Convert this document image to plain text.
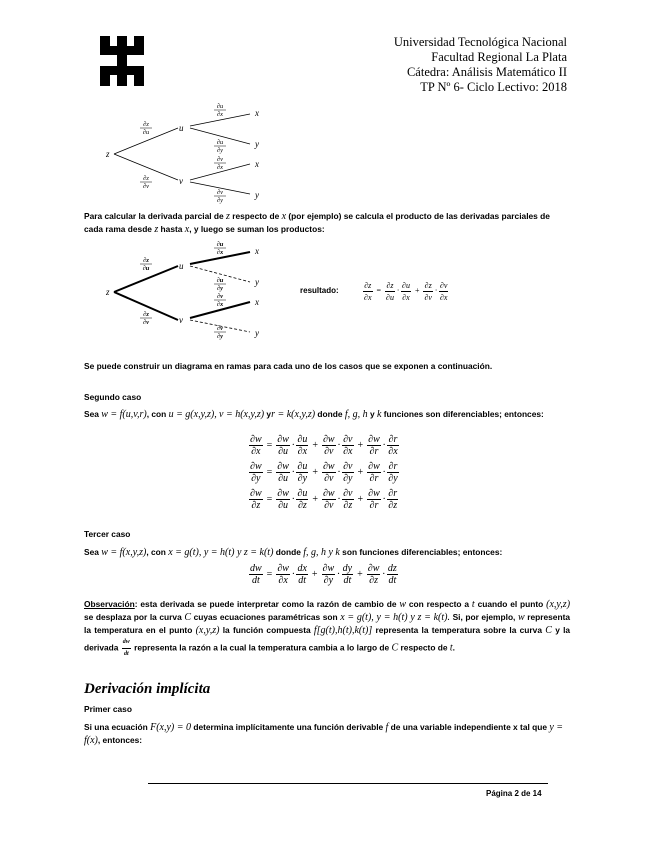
Universidad Tecnológica Nacional
Facultad Regional La Plata
Cátedra: Análisis Matemático II
TP Nº 6- Ciclo Lectivo: 2018
z
u
v
x
y
x
y
∂z
∂u
∂z
∂v
∂u
∂x
∂u
∂y
∂v
∂x
∂v
∂y
Para calcular la derivada parcial de z respecto de x (por ejemplo) se calcula el producto de las derivadas parciales de cada rama desde z hasta x, y luego se suman los productos:
z
u
v
x
y
x
y
∂z
∂u
∂z
∂v
∂u
∂x
∂u
∂y
∂v
∂x
∂v
∂y
resultado:	$\frac{\partial z}{\partial x} = \frac{\partial z}{\partial u} \cdot \frac{\partial u}{\partial x} + \frac{\partial z}{\partial v} \cdot \frac{\partial v}{\partial x}$
Se puede construir un diagrama en ramas para cada uno de los casos que se exponen a continuación.
Segundo caso
Sea w = f(u,v,r), con u = g(x,y,z), v = h(x,y,z) yr = k(x,y,z) donde f, g, h y k funciones son diferenciables; entonces:
$\frac{\partial w}{\partial x} = \frac{\partial w}{\partial u} \cdot \frac{\partial u}{\partial x} + \frac{\partial w}{\partial v} \cdot \frac{\partial v}{\partial x} + \frac{\partial w}{\partial r} \cdot \frac{\partial r}{\partial x}$
$\frac{\partial w}{\partial y} = \frac{\partial w}{\partial u} \cdot \frac{\partial u}{\partial y} + \frac{\partial w}{\partial v} \cdot \frac{\partial v}{\partial y} + \frac{\partial w}{\partial r} \cdot \frac{\partial r}{\partial y}$
$\frac{\partial w}{\partial z} = \frac{\partial w}{\partial u} \cdot \frac{\partial u}{\partial z} + \frac{\partial w}{\partial v} \cdot \frac{\partial v}{\partial z} + \frac{\partial w}{\partial r} \cdot \frac{\partial r}{\partial z}$
Tercer caso
Sea w = f(x,y,z), con x = g(t), y = h(t) y z = k(t) donde f, g, h y k son funciones diferenciables; entonces:
$\frac{dw}{dt} = \frac{\partial w}{\partial x} \cdot \frac{dx}{dt} + \frac{\partial w}{\partial y} \cdot \frac{dy}{dt} + \frac{\partial w}{\partial z} \cdot \frac{dz}{dt}$
Observación: esta derivada se puede interpretar como la razón de cambio de w con respecto a t cuando el punto (x,y,z) se desplaza por la curva C cuyas ecuaciones paramétricas son x = g(t), y = h(t) y z = k(t). Si, por ejemplo, w representa la temperatura en el punto (x,y,z) la función compuesta f[g(t),h(t),k(t)] representa la temperatura sobre la curva C y la derivada $\frac{dw}{dt}$ representa la razón a la cual la temperatura cambia a lo largo de C respecto de t.
Derivación implícita
Primer caso
Si una ecuación F(x,y) = 0 determina implícitamente una función derivable f de una variable independiente x tal que y = f(x), entonces:
Página 2 de 14
